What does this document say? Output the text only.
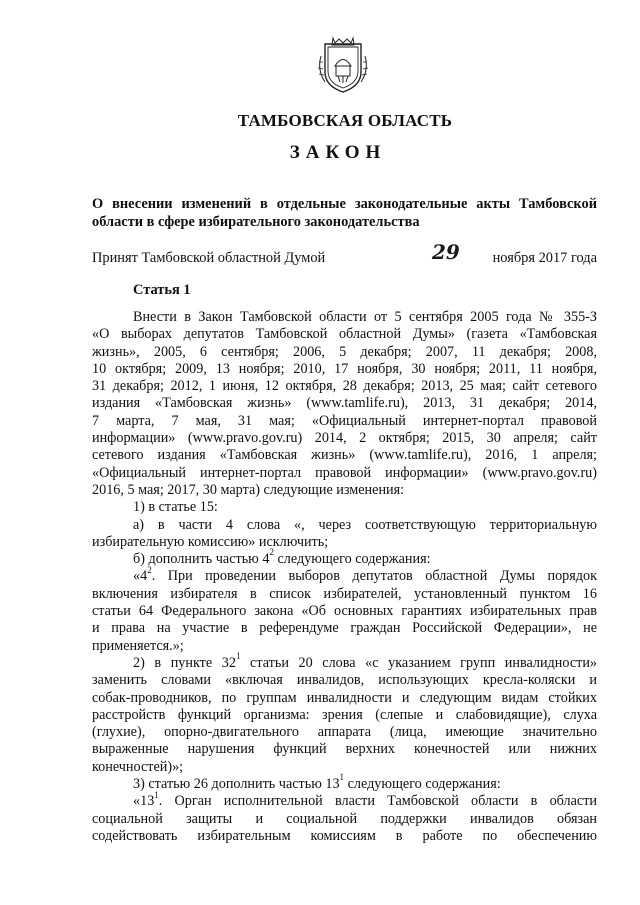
ТАМБОВСКАЯ ОБЛАСТЬ
ЗАКОН
О внесении изменений в отдельные законодательные акты Тамбовской
области в сфере избирательного законодательства
Принят Тамбовской областной Думой	29 ноября 2017 года
Статья 1

Внести в Закон Тамбовской области от 5 сентября 2005 года № 355-З
«О выборах депутатов Тамбовской областной Думы» (газета «Тамбовская
жизнь», 2005, 6 сентября; 2006, 5 декабря; 2007, 11 декабря; 2008,
10 октября; 2009, 13 ноября; 2010, 17 ноября, 30 ноября; 2011, 11 ноября,
31 декабря; 2012, 1 июня, 12 октября, 28 декабря; 2013, 25 мая; сайт сетевого
издания «Тамбовская жизнь» (www.tamlife.ru), 2013, 31 декабря; 2014,
7 марта, 7 мая, 31 мая; «Официальный интернет-портал правовой
информации» (www.pravo.gov.ru) 2014, 2 октября; 2015, 30 апреля; сайт
сетевого издания «Тамбовская жизнь» (www.tamlife.ru), 2016, 1 апреля;
«Официальный интернет-портал правовой информации» (www.pravo.gov.ru)
2016, 5 мая; 2017, 30 марта) следующие изменения:

1) в статье 15:

а) в части 4 слова «, через соответствующую территориальную
избирательную комиссию» исключить;

б) дополнить частью $4^2$ следующего содержания:

«$4^2$. При проведении выборов депутатов областной Думы порядок
включения избирателя в список избирателей, установленный пунктом 16
статьи 64 Федерального закона «Об основных гарантиях избирательных прав
и права на участие в референдуме граждан Российской Федерации», не
применяется.»;

2) в пункте $32^1$ статьи 20 слова «с указанием групп инвалидности»
заменить словами «включая инвалидов, использующих кресла-коляски и
собак-проводников, по группам инвалидности и следующим видам стойких
расстройств функций организма: зрения (слепые и слабовидящие), слуха
(глухие), опорно-двигательного аппарата (лица, имеющие значительно
выраженные нарушения функций верхних конечностей или нижних
конечностей)»;

3) статью 26 дополнить частью $13^1$ следующего содержания:

«$13^1$. Орган исполнительной власти Тамбовской области в области
социальной защиты и социальной поддержки инвалидов обязан
содействовать избирательным комиссиям в работе по обеспечению
